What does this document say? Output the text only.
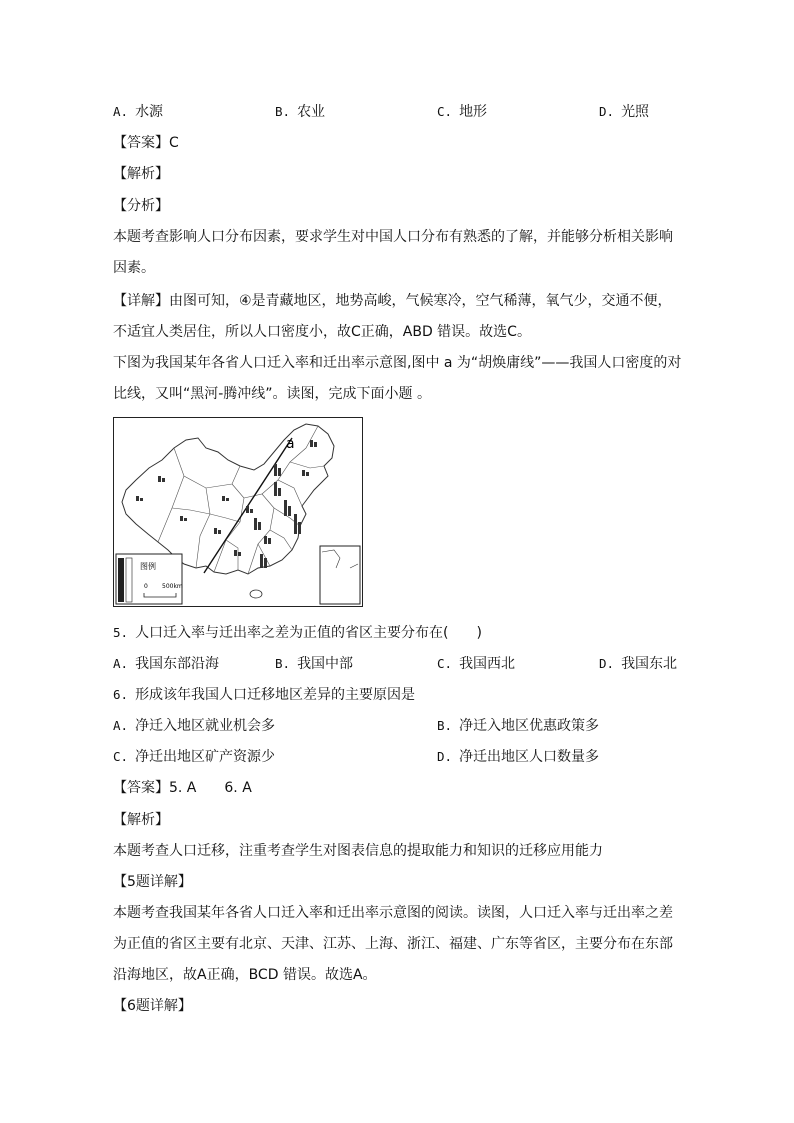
A. 水源	B. 农业	C. 地形	D. 光照
【答案】C
【解析】
【分析】
本题考查影响人口分布因素，要求学生对中国人口分布有熟悉的了解，并能够分析相关影响因素。
【详解】由图可知，④是青藏地区，地势高峻，气候寒冷，空气稀薄，氧气少，交通不便，不适宜人类居住，所以人口密度小，故C正确，ABD 错误。故选C。
下图为我国某年各省人口迁入率和迁出率示意图,图中 a 为“胡焕庸线”——我国人口密度的对比线，又叫“黑河-腾冲线”。读图，完成下面小题 。
a
图例
0 500km
5. 人口迁入率与迁出率之差为正值的省区主要分布在(　　)
A. 我国东部沿海	B. 我国中部	C. 我国西北	D. 我国东北
6. 形成该年我国人口迁移地区差异的主要原因是
A. 净迁入地区就业机会多	B. 净迁入地区优惠政策多
C. 净迁出地区矿产资源少	D. 净迁出地区人口数量多
【答案】5. A 6. A
【解析】
本题考查人口迁移，注重考查学生对图表信息的提取能力和知识的迁移应用能力
【5题详解】
本题考查我国某年各省人口迁入率和迁出率示意图的阅读。读图，人口迁入率与迁出率之差为正值的省区主要有北京、天津、江苏、上海、浙江、福建、广东等省区，主要分布在东部沿海地区，故A正确，BCD 错误。故选A。
【6题详解】
